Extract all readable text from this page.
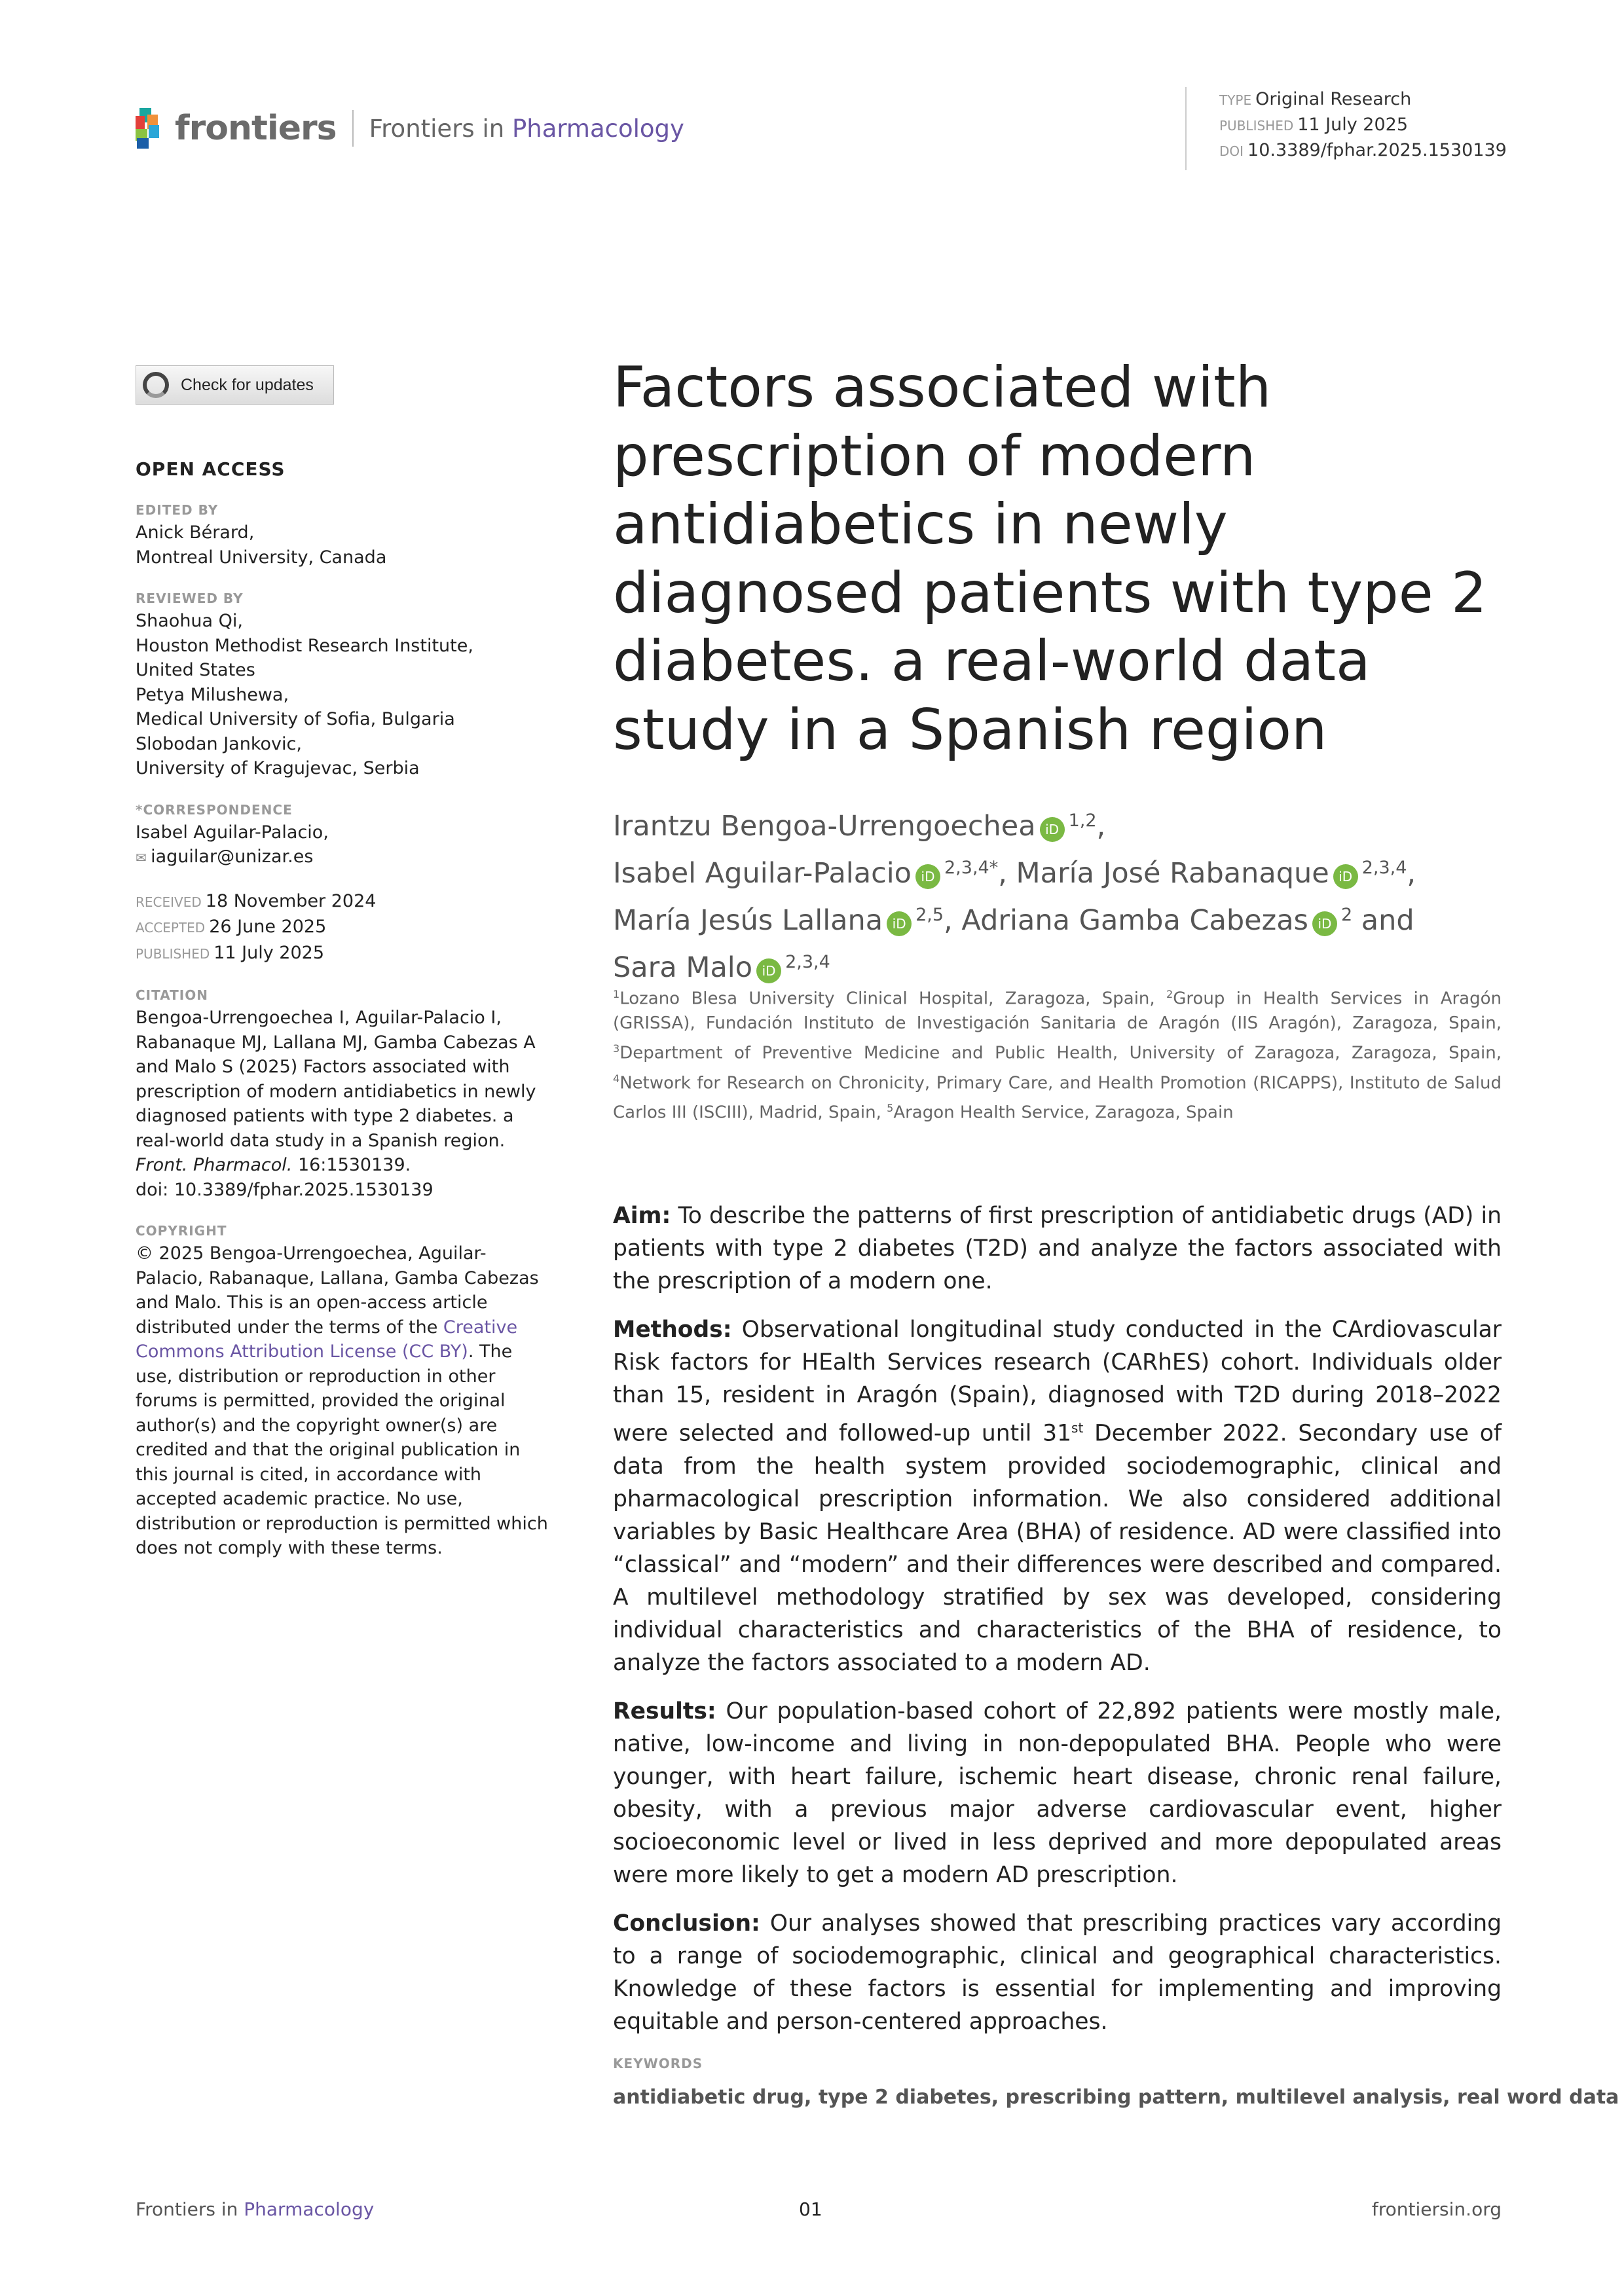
frontiers Frontiers in Pharmacology
TYPE Original Research
PUBLISHED 11 July 2025
DOI 10.3389/fphar.2025.1530139
Check for updates
OPEN ACCESS
EDITED BY
Anick Bérard,
Montreal University, Canada
REVIEWED BY
Shaohua Qi,
Houston Methodist Research Institute,
United States
Petya Milushewa,
Medical University of Sofia, Bulgaria
Slobodan Jankovic,
University of Kragujevac, Serbia
*CORRESPONDENCE
Isabel Aguilar-Palacio,
✉ iaguilar@unizar.es
RECEIVED 18 November 2024
ACCEPTED 26 June 2025
PUBLISHED 11 July 2025
CITATION
Bengoa-Urrengoechea I, Aguilar-Palacio I, Rabanaque MJ, Lallana MJ, Gamba Cabezas A and Malo S (2025) Factors associated with prescription of modern antidiabetics in newly diagnosed patients with type 2 diabetes. a real-world data study in a Spanish region. Front. Pharmacol. 16:1530139.
doi: 10.3389/fphar.2025.1530139
COPYRIGHT
© 2025 Bengoa-Urrengoechea, Aguilar-Palacio, Rabanaque, Lallana, Gamba Cabezas and Malo. This is an open-access article distributed under the terms of the Creative Commons Attribution License (CC BY). The use, distribution or reproduction in other forums is permitted, provided the original author(s) and the copyright owner(s) are credited and that the original publication in this journal is cited, in accordance with accepted academic practice. No use, distribution or reproduction is permitted which does not comply with these terms.
Factors associated with prescription of modern antidiabetics in newly diagnosed patients with type 2 diabetes. a real-world data study in a Spanish region
Irantzu Bengoa-Urrengoechea iD $^{1,2}$,
Isabel Aguilar-Palacio iD $^{2,3,4*}$, María José Rabanaque iD $^{2,3,4}$,
María Jesús Lallana iD $^{2,5}$, Adriana Gamba Cabezas iD $^2$ and
Sara Malo iD $^{2,3,4}$
$^1$Lozano Blesa University Clinical Hospital, Zaragoza, Spain, $^2$Group in Health Services in Aragón (GRISSA), Fundación Instituto de Investigación Sanitaria de Aragón (IIS Aragón), Zaragoza, Spain, $^3$Department of Preventive Medicine and Public Health, University of Zaragoza, Zaragoza, Spain, $^4$Network for Research on Chronicity, Primary Care, and Health Promotion (RICAPPS), Instituto de Salud Carlos III (ISCIII), Madrid, Spain, $^5$Aragon Health Service, Zaragoza, Spain

Aim: To describe the patterns of first prescription of antidiabetic drugs (AD) in patients with type 2 diabetes (T2D) and analyze the factors associated with the prescription of a modern one.

Methods: Observational longitudinal study conducted in the CArdiovascular Risk factors for HEalth Services research (CARhES) cohort. Individuals older than 15, resident in Aragón (Spain), diagnosed with T2D during 2018–2022 were selected and followed-up until 31st December 2022. Secondary use of data from the health system provided sociodemographic, clinical and pharmacological prescription information. We also considered additional variables by Basic Healthcare Area (BHA) of residence. AD were classified into “classical” and “modern” and their differences were described and compared. A multilevel methodology stratified by sex was developed, considering individual characteristics and characteristics of the BHA of residence, to analyze the factors associated to a modern AD.

Results: Our population-based cohort of 22,892 patients were mostly male, native, low-income and living in non-depopulated BHA. People who were younger, with heart failure, ischemic heart disease, chronic renal failure, obesity, with a previous major adverse cardiovascular event, higher socioeconomic level or lived in less deprived and more depopulated areas were more likely to get a modern AD prescription.

Conclusion: Our analyses showed that prescribing practices vary according to a range of sociodemographic, clinical and geographical characteristics. Knowledge of these factors is essential for implementing and improving equitable and person-centered approaches.

KEYWORDS
antidiabetic drug, type 2 diabetes, prescribing pattern, multilevel analysis, real word data
Frontiers in Pharmacology	01	frontiersin.org
